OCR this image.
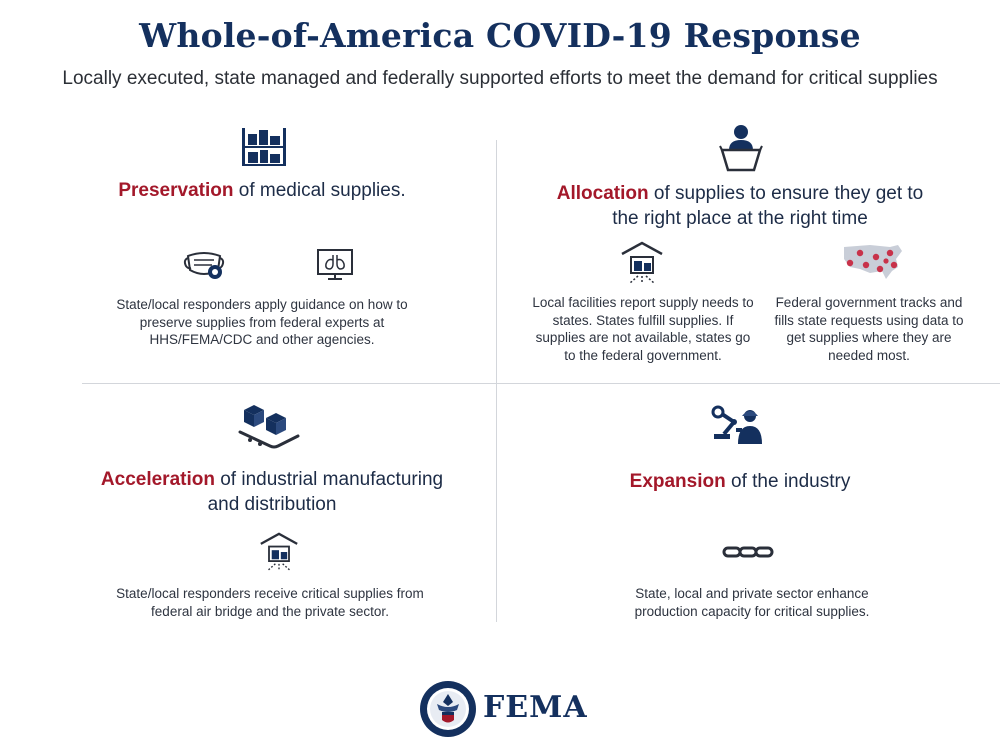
Whole-of-America COVID-19 Response
Locally executed, state managed and federally supported efforts to meet the demand for critical supplies
Preservation of medical supplies.
State/local responders apply guidance on how to preserve supplies from federal experts at HHS/FEMA/CDC and other agencies.
Allocation of supplies to ensure they get to
the right place at the right time
Local facilities report supply needs to states. States fulfill supplies. If supplies are not available, states go to the federal government.
Federal government tracks and fills state requests using data to get supplies where they are needed most.
Acceleration of industrial manufacturing
and distribution
State/local responders receive critical supplies from federal air bridge and the private sector.
Expansion of the industry
State, local and private sector enhance production capacity for critical supplies.
FEMA
